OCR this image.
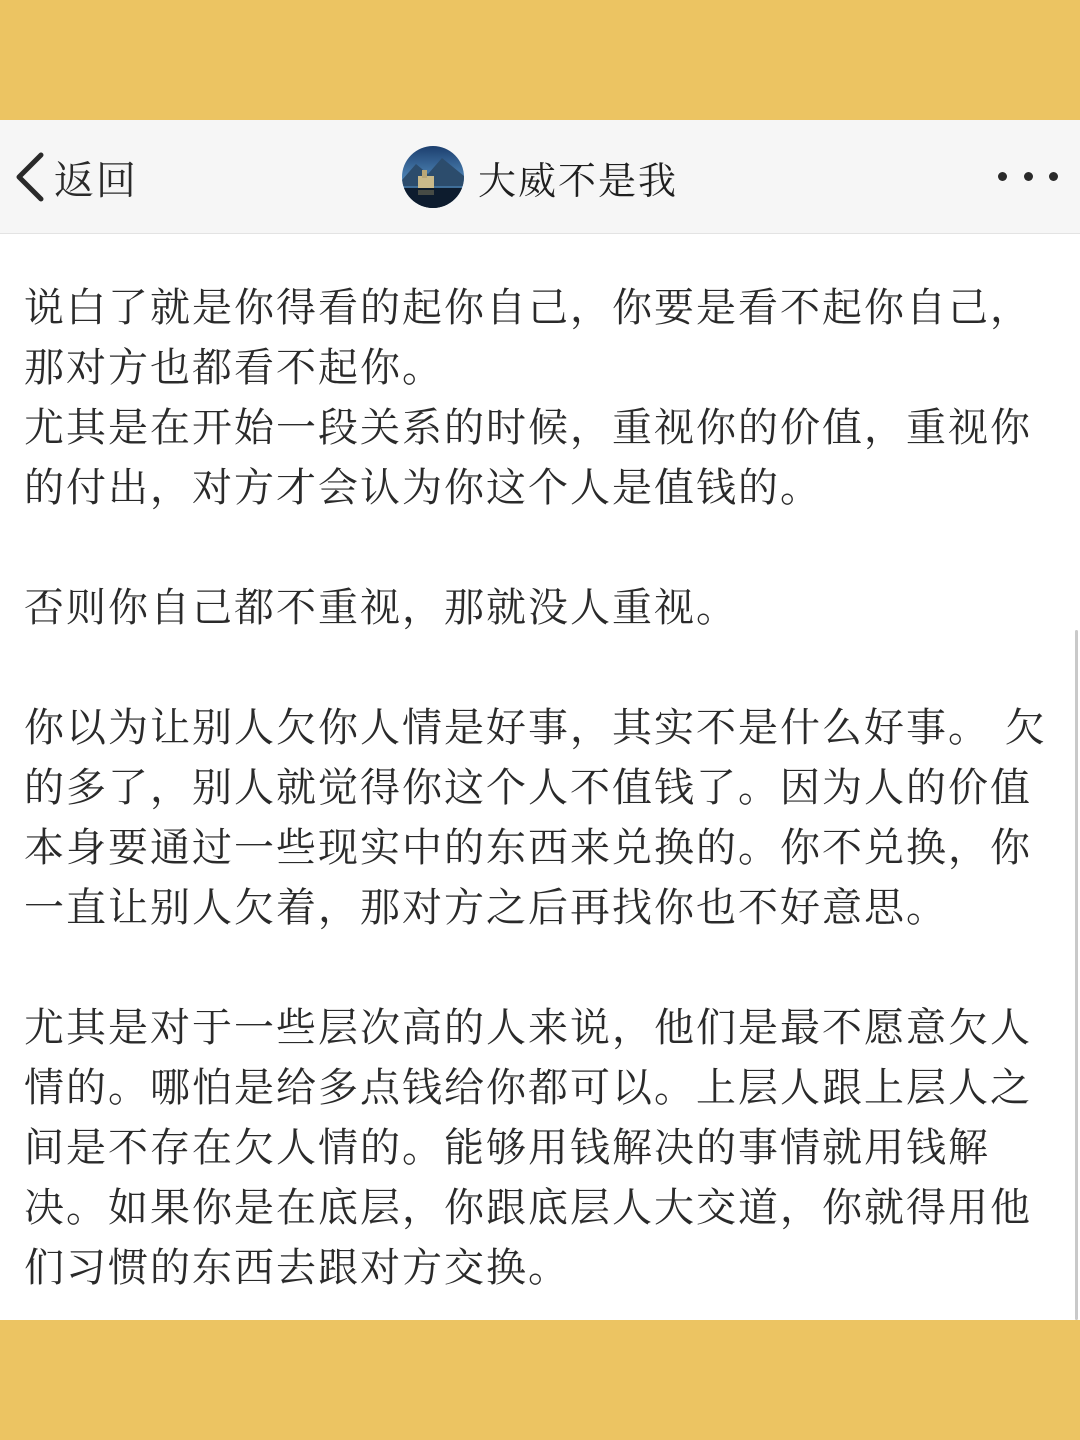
返回	大威不是我
说白了就是你得看的起你自己，你要是看不起你自己，
那对方也都看不起你。
尤其是在开始一段关系的时候，重视你的价值，重视你
的付出，对方才会认为你这个人是值钱的。
否则你自己都不重视，那就没人重视。
你以为让别人欠你人情是好事，其实不是什么好事。 欠
的多了，别人就觉得你这个人不值钱了。因为人的价值
本身要通过一些现实中的东西来兑换的。你不兑换，你
一直让别人欠着，那对方之后再找你也不好意思。
尤其是对于一些层次高的人来说，他们是最不愿意欠人
情的。哪怕是给多点钱给你都可以。上层人跟上层人之
间是不存在欠人情的。能够用钱解决的事情就用钱解
决。如果你是在底层，你跟底层人大交道，你就得用他
们习惯的东西去跟对方交换。
